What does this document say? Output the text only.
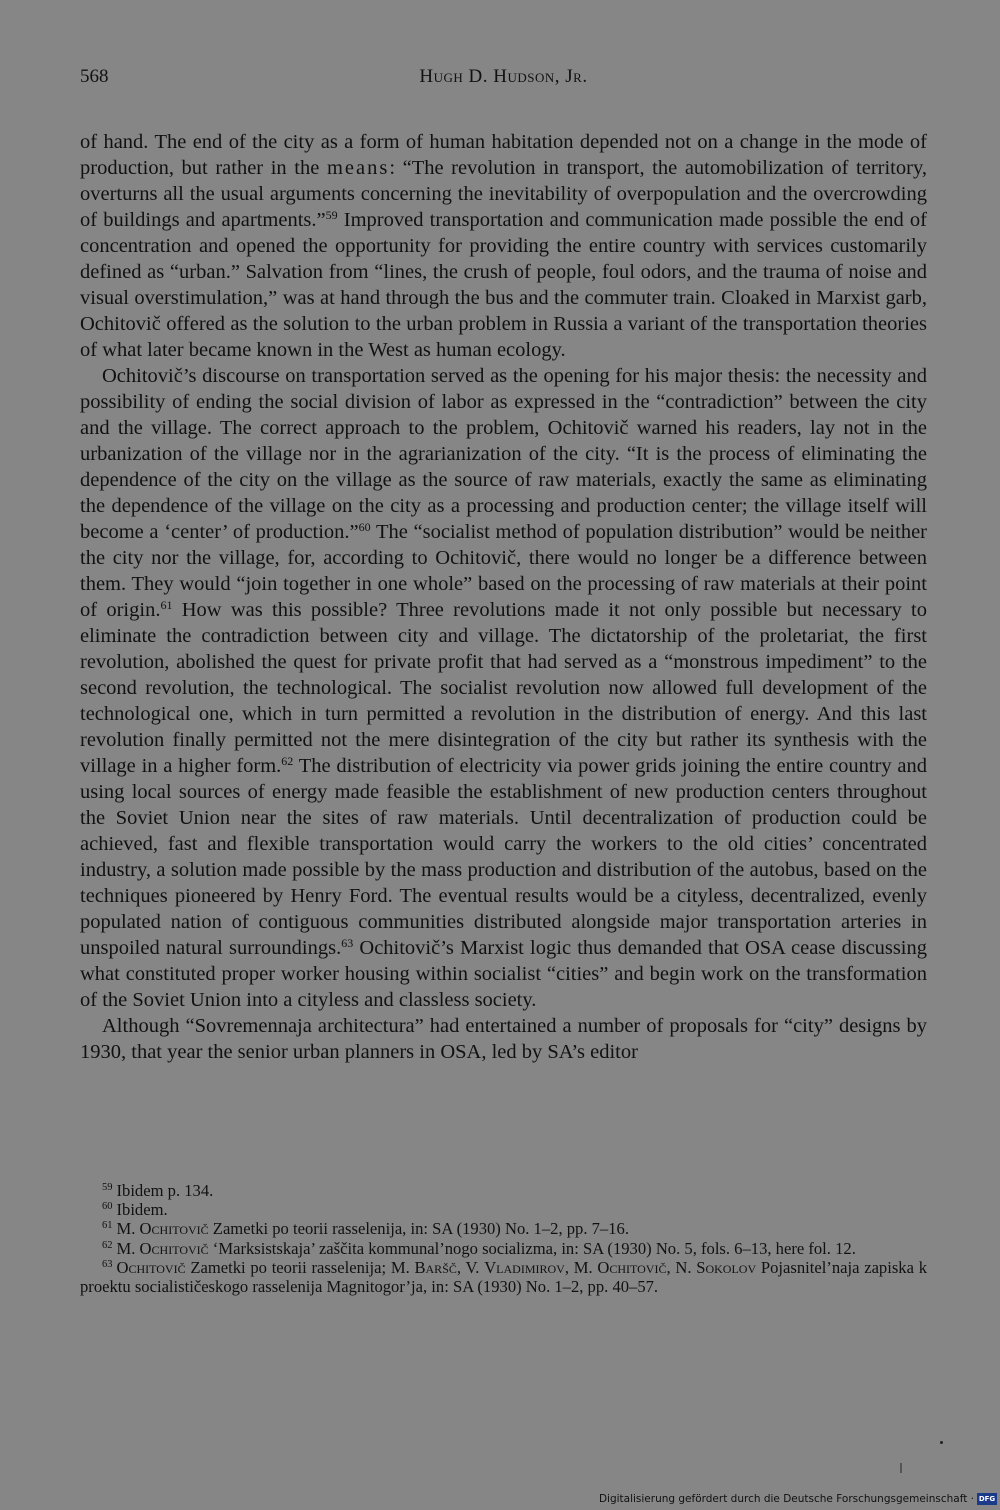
568	Hugh D. Hudson, Jr.

of hand. The end of the city as a form of human habitation depended not on a change in the mode of production, but rather in the means: “The revolution in transport, the automobilization of territory, overturns all the usual arguments concerning the inevitability of overpopulation and the overcrowding of buildings and apartments.”$^{59}$ Improved transportation and communication made possible the end of concentration and opened the opportunity for providing the entire country with services customarily defined as “urban.” Salvation from “lines, the crush of people, foul odors, and the trauma of noise and visual overstimulation,” was at hand through the bus and the commuter train. Cloaked in Marxist garb, Ochitovič offered as the solution to the urban problem in Russia a variant of the transportation theories of what later became known in the West as human ecology.

Ochitovič’s discourse on transportation served as the opening for his major thesis: the necessity and possibility of ending the social division of labor as expressed in the “contradiction” between the city and the village. The correct approach to the problem, Ochitovič warned his readers, lay not in the urbanization of the village nor in the agrarianization of the city. “It is the process of eliminating the dependence of the city on the village as the source of raw materials, exactly the same as eliminating the dependence of the village on the city as a processing and production center; the village itself will become a ‘center’ of production.”$^{60}$ The “socialist method of population distribution” would be neither the city nor the village, for, according to Ochitovič, there would no longer be a difference between them. They would “join together in one whole” based on the processing of raw materials at their point of origin.$^{61}$ How was this possible? Three revolutions made it not only possible but necessary to eliminate the contradiction between city and village. The dictatorship of the proletariat, the first revolution, abolished the quest for private profit that had served as a “monstrous impediment” to the second revolution, the technological. The socialist revolution now allowed full development of the technological one, which in turn permitted a revolution in the distribution of energy. And this last revolution finally permitted not the mere disintegration of the city but rather its synthesis with the village in a higher form.$^{62}$ The distribution of electricity via power grids joining the entire country and using local sources of energy made feasible the establishment of new production centers throughout the Soviet Union near the sites of raw materials. Until decentralization of production could be achieved, fast and flexible transportation would carry the workers to the old cities’ concentrated industry, a solution made possible by the mass production and distribution of the autobus, based on the techniques pioneered by Henry Ford. The eventual results would be a cityless, decentralized, evenly populated nation of contiguous communities distributed alongside major transportation arteries in unspoiled natural surroundings.$^{63}$ Ochitovič’s Marxist logic thus demanded that OSA cease discussing what constituted proper worker housing within socialist “cities” and begin work on the transformation of the Soviet Union into a cityless and classless society.

Although “Sovremennaja architectura” had entertained a number of proposals for “city” designs by 1930, that year the senior urban planners in OSA, led by SA’s editor

$^{59}$ Ibidem p. 134.

$^{60}$ Ibidem.

$^{61}$ M. Ochitovič Zametki po teorii rasselenija, in: SA (1930) No. 1–2, pp. 7–16.

$^{62}$ M. Ochitovič ‘Marksistskaja’ zaščita kommunal’nogo socializma, in: SA (1930) No. 5, fols. 6–13, here fol. 12.

$^{63}$ Ochitovič Zametki po teorii rasselenija; M. Baršč, V. Vladimirov, M. Ochitovič, N. Sokolov Pojasnitel’naja zapiska k proektu socialističeskogo rasselenija Magnitogor’ja, in: SA (1930) No. 1–2, pp. 40–57.

Digitalisierung gefördert durch die Deutsche Forschungsgemeinschaft · DFG
